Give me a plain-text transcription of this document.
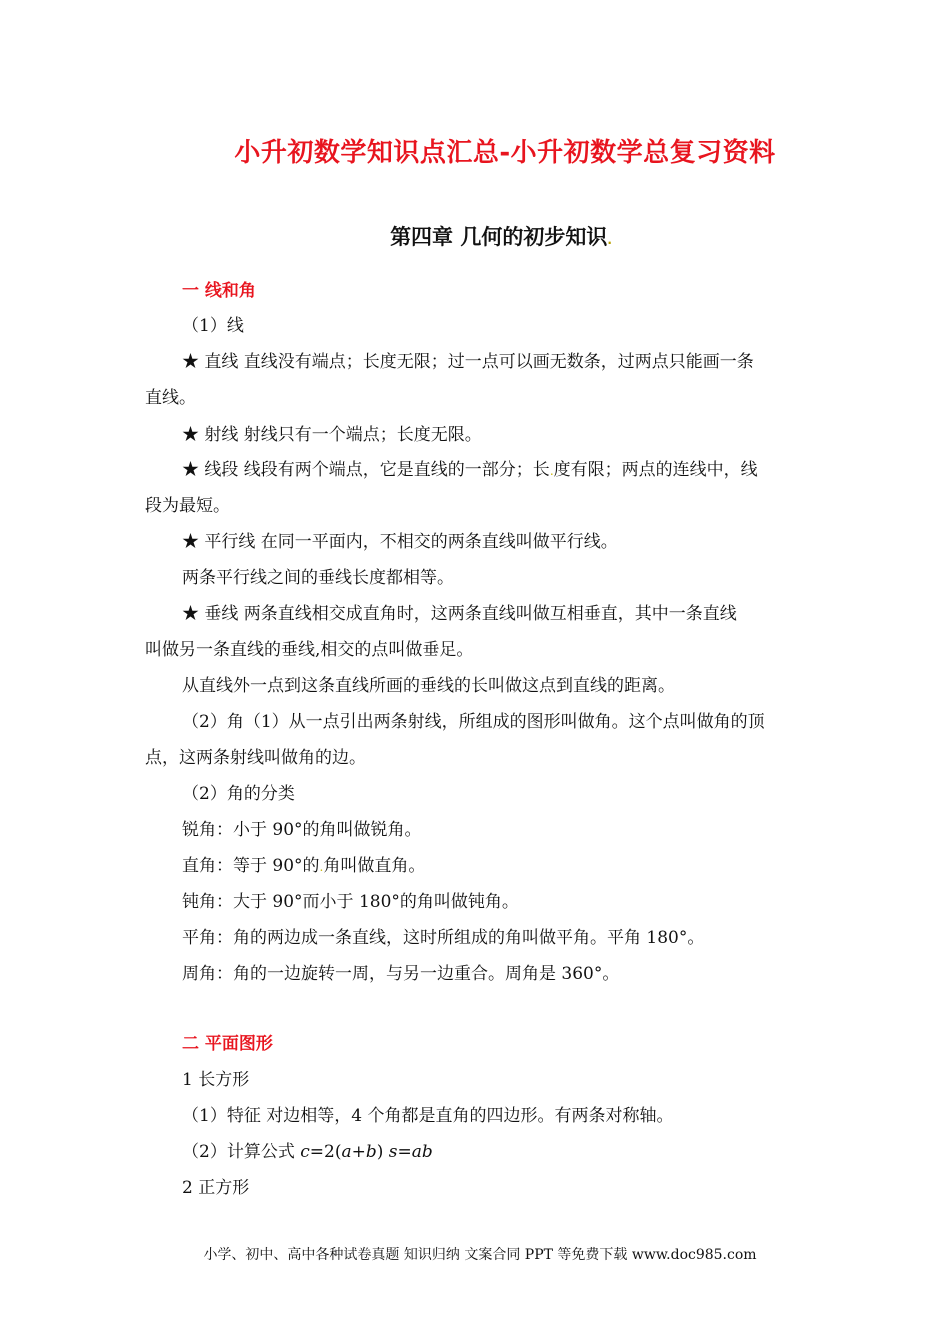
小升初数学知识点汇总-小升初数学总复习资料
第四章 几何的初步知识.
一 线和角
（1）线
★ 直线 直线没有端点；长度无限；过一点可以画无数条，过两点只能画一条
直线。
★ 射线 射线只有一个端点；长度无限。
★ 线段 线段有两个端点，它是直线的一部分；长.度有限；两点的连线中，线
段为最短。
★ 平行线 在同一平面内，不相交的两条直线叫做平行线。
两条平行线之间的垂线长度都相等。
★ 垂线 两条直线相交成直角时，这两条直线叫做互相垂直，其中一条直线
叫做另一条直线的垂线,相交的点叫做垂足。
从直线外一点到这条直线所画的垂线的长叫做这点到直线的距离。
（2）角（1）从一点引出两条射线，所组成的图形叫做角。这个点叫做角的顶
点，这两条射线叫做角的边。
（2）角的分类
锐角：小于 90°的角叫做锐角。
直角：等于 90°的.角叫做直角。
钝角：大于 90°而小于 180°的角叫做钝角。
平角：角的两边成一条直线，这时所组成的角叫做平角。平角 180°。
周角：角的一边旋转一周，与另一边重合。周角是 360°。
二 平面图形
1 长方形
（1）特征 对边相等，4 个角都是直角的四边形。有两条对称轴。
（2）计算公式 c=2(a+b) s=ab
2 正方形
小学、初中、高中各种试卷真题 知识归纳 文案合同 PPT 等免费下载 www.doc985.com
